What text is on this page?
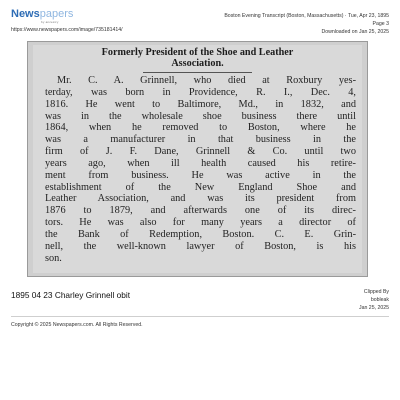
Newspapers
by ancestry
https://www.newspapers.com/image/735181414/
Boston Evening Transcript (Boston, Massachusetts) · Tue, Apr 23, 1895
Page 3
Downloaded on Jan 25, 2025
Formerly President of the Shoe and Leather
Association.
Mr. C. A. Grinnell, who died at Roxbury yes-
terday, was born in Providence, R. I., Dec. 4,
1816. He went to Baltimore, Md., in 1832, and
was in the wholesale shoe business there until
1864, when he removed to Boston, where he
was a manufacturer in that business in the
firm of J. F. Dane, Grinnell & Co. until two
years ago, when ill health caused his retire-
ment from business. He was active in the
establishment of the New England Shoe and
Leather Association, and was its president from
1876 to 1879, and afterwards one of its direc-
tors. He was also for many years a director of
the Bank of Redemption, Boston. C. E. Grin-
nell, the well-known lawyer of Boston, is his
son.
1895 04 23 Charley Grinnell obit	Clipped By
bobleak
Jan 25, 2025
Copyright © 2025 Newspapers.com. All Rights Reserved.
